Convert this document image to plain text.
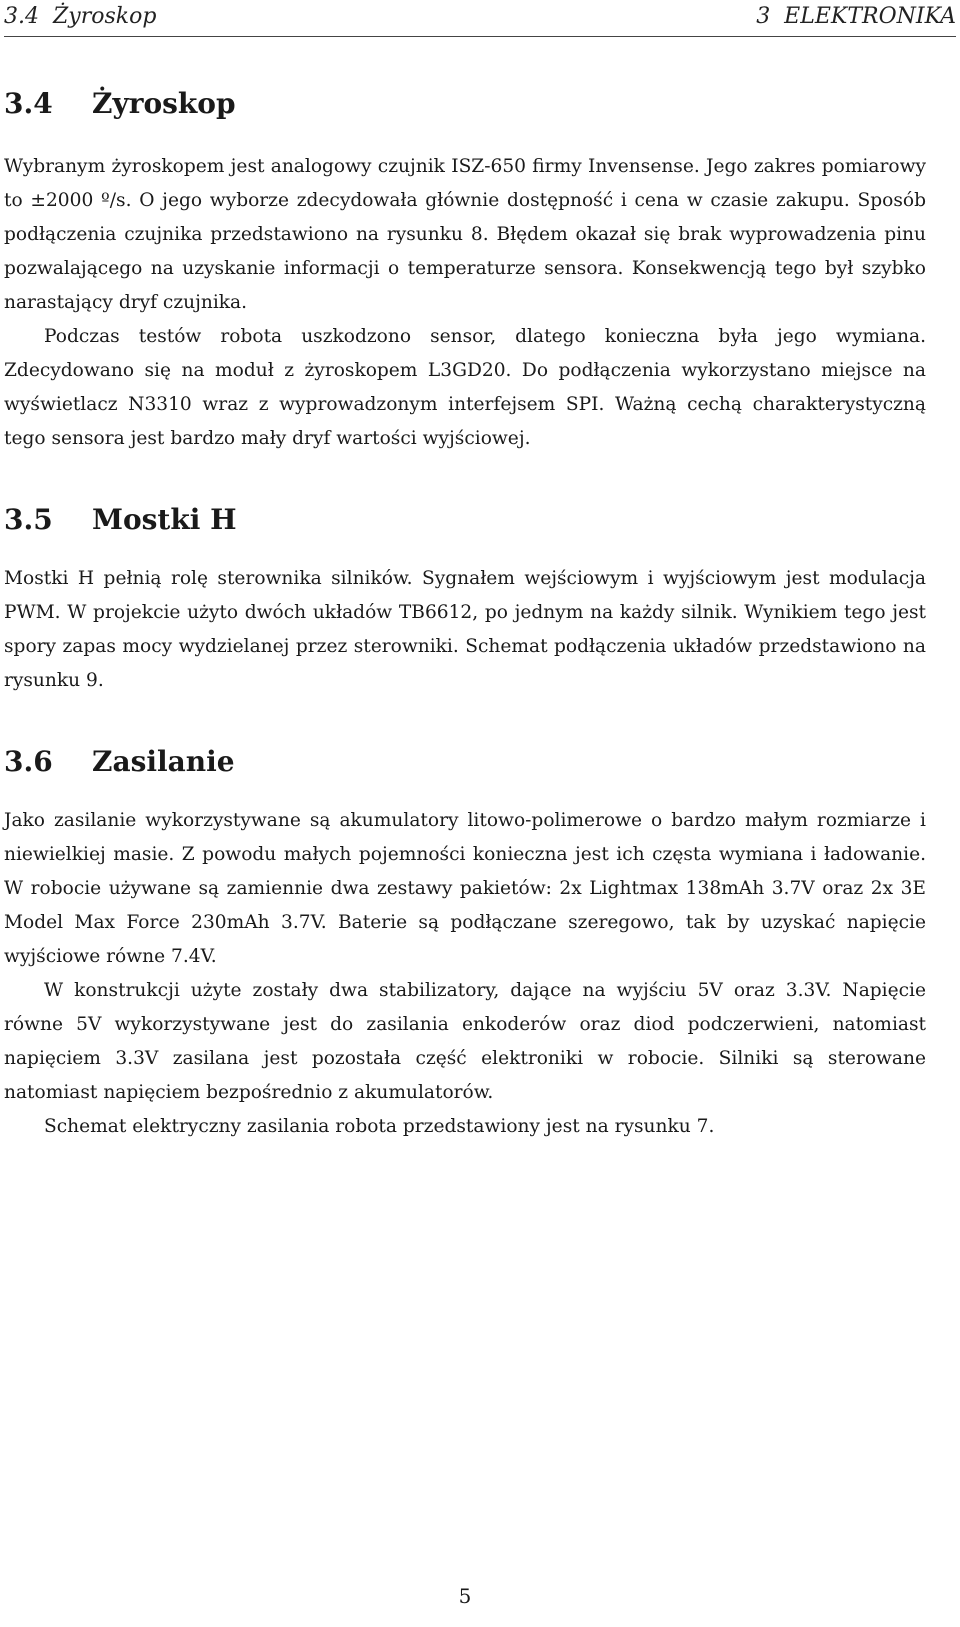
3.4  Żyroskop	3  ELEKTRONIKA
3.4 Żyroskop

Wybranym żyroskopem jest analogowy czujnik ISZ-650 firmy Invensense. Jego zakres pomiarowy to ±2000 º/s. O jego wyborze zdecydowała głównie dostępność i cena w czasie zakupu. Sposób podłączenia czujnika przedstawiono na rysunku 8. Błędem okazał się brak wyprowadzenia pinu pozwalającego na uzyskanie informacji o temperaturze sensora. Konsekwencją tego był szybko narastający dryf czujnika.

Podczas testów robota uszkodzono sensor, dlatego konieczna była jego wymiana. Zdecydowano się na moduł z żyroskopem L3GD20. Do podłączenia wykorzystano miejsce na wyświetlacz N3310 wraz z wyprowadzonym interfejsem SPI. Ważną cechą charakterystyczną tego sensora jest bardzo mały dryf wartości wyjściowej.

3.5 Mostki H

Mostki H pełnią rolę sterownika silników. Sygnałem wejściowym i wyjściowym jest modulacja PWM. W projekcie użyto dwóch układów TB6612, po jednym na każdy silnik. Wynikiem tego jest spory zapas mocy wydzielanej przez sterowniki. Schemat podłączenia układów przedstawiono na rysunku 9.

3.6 Zasilanie

Jako zasilanie wykorzystywane są akumulatory litowo-polimerowe o bardzo małym rozmiarze i niewielkiej masie. Z powodu małych pojemności konieczna jest ich częsta wymiana i ładowanie. W robocie używane są zamiennie dwa zestawy pakietów: 2x Lightmax 138mAh 3.7V oraz 2x 3E Model Max Force 230mAh 3.7V. Baterie są podłączane szeregowo, tak by uzyskać napięcie wyjściowe równe 7.4V.

W konstrukcji użyte zostały dwa stabilizatory, dające na wyjściu 5V oraz 3.3V. Napięcie równe 5V wykorzystywane jest do zasilania enkoderów oraz diod podczerwieni, natomiast napięciem 3.3V zasilana jest pozostała część elektroniki w robocie. Silniki są sterowane natomiast napięciem bezpośrednio z akumulatorów.

Schemat elektryczny zasilania robota przedstawiony jest na rysunku 7.

5
